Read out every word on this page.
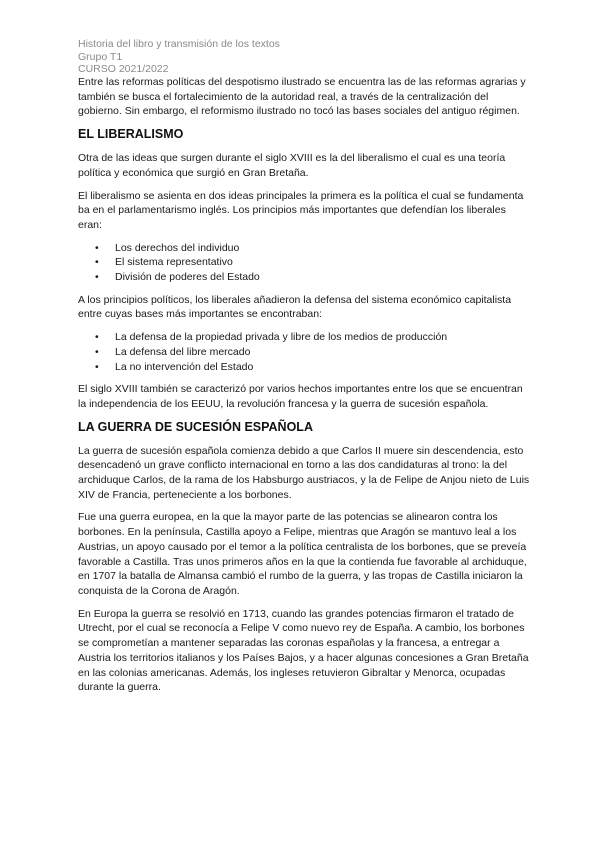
Historia del libro y transmisión de los textos
Grupo T1
CURSO 2021/2022

Entre las reformas políticas del despotismo ilustrado se encuentra las de las reformas agrarias y también se busca el fortalecimiento de la autoridad real, a través de la centralización del gobierno. Sin embargo, el reformismo ilustrado no tocó las bases sociales del antiguo régimen.

EL LIBERALISMO

Otra de las ideas que surgen durante el siglo XVIII es la del liberalismo el cual es una teoría política y económica que surgió en Gran Bretaña.

El liberalismo se asienta en dos ideas principales la primera es la política el cual se fundamenta ba en el parlamentarismo inglés. Los principios más importantes que defendían los liberales eran:

• Los derechos del individuo
• El sistema representativo
• División de poderes del Estado

A los principios políticos, los liberales añadieron la defensa del sistema económico capitalista entre cuyas bases más importantes se encontraban:

• La defensa de la propiedad privada y libre de los medios de producción
• La defensa del libre mercado
• La no intervención del Estado

El siglo XVIII también se caracterizó por varios hechos importantes entre los que se encuentran la independencia de los EEUU, la revolución francesa y la guerra de sucesión española.

LA GUERRA DE SUCESIÓN ESPAÑOLA

La guerra de sucesión española comienza debido a que Carlos II muere sin descendencia, esto desencadenó un grave conflicto internacional en torno a las dos candidaturas al trono: la del archiduque Carlos, de la rama de los Habsburgo austriacos, y la de Felipe de Anjou nieto de Luis XIV de Francia, perteneciente a los borbones.

Fue una guerra europea, en la que la mayor parte de las potencias se alinearon contra los borbones. En la península, Castilla apoyo a Felipe, mientras que Aragón se mantuvo leal a los Austrias, un apoyo causado por el temor a la política centralista de los borbones, que se preveía favorable a Castilla. Tras unos primeros años en la que la contienda fue favorable al archiduque, en 1707 la batalla de Almansa cambió el rumbo de la guerra, y las tropas de Castilla iniciaron la conquista de la Corona de Aragón.

En Europa la guerra se resolvió en 1713, cuando las grandes potencias firmaron el tratado de Utrecht, por el cual se reconocía a Felipe V como nuevo rey de España. A cambio, los borbones se comprometían a mantener separadas las coronas españolas y la francesa, a entregar a Austria los territorios italianos y los Países Bajos, y a hacer algunas concesiones a Gran Bretaña en las colonias americanas. Además, los ingleses retuvieron Gibraltar y Menorca, ocupadas durante la guerra.
